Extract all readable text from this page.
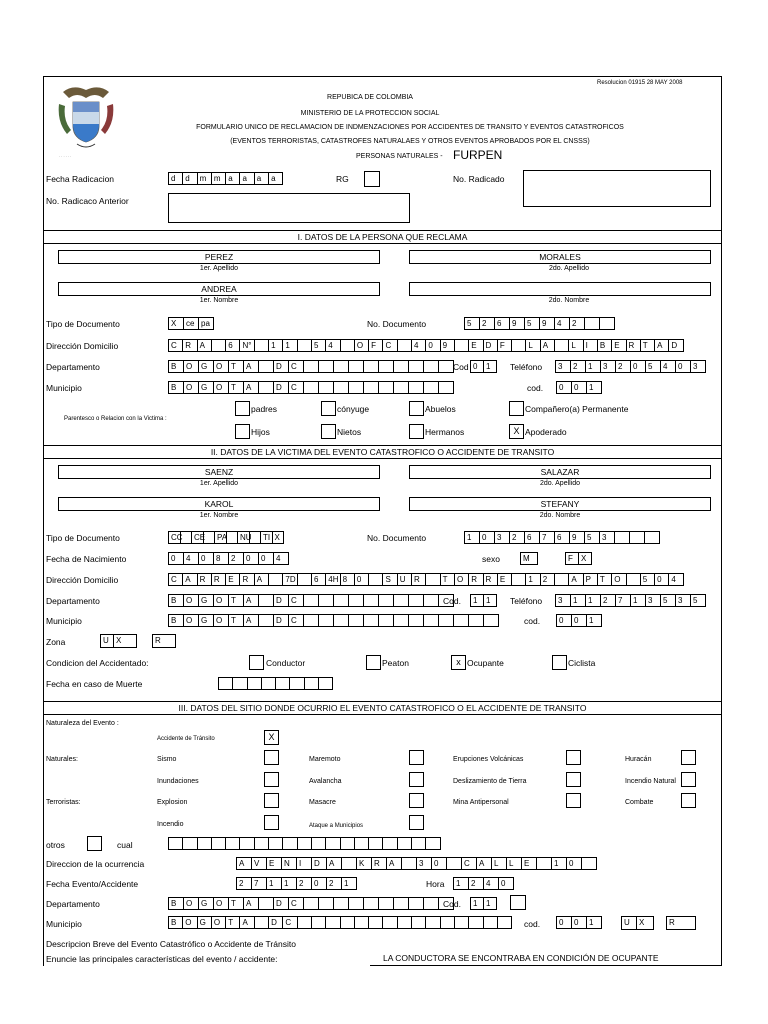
. . . . . .
Resolucion 01915 28 MAY 2008
REPUBICA DE COLOMBIA
MINISTERIO DE LA PROTECCION SOCIAL
FORMULARIO UNICO DE RECLAMACION DE INDMENZACIONES POR ACCIDENTES DE TRANSITO Y EVENTOS CATASTROFICOS
(EVENTOS TERRORISTAS, CATASTROFES NATURALAES Y OTROS EVENTOS APROBADOS POR EL CNSSS)
PERSONAS NATURALES - FURPEN
Fecha Radicacion	d	d	m m a	a	a	a	RG	No. Radicado
No. Radicaco Anterior
I. DATOS DE LA PERSONA QUE RECLAMA
PEREZ
1er. Apellido
MORALES
2do. Apellido
ANDREA
1er. Nombre	2do. Nombre
Tipo de Documento	X	ce pa	No. Documento	5	2	6	9	5	9	4	2
Dirección Domicilio	C	R	A	6	N°	1	1	5	4	O	F	C	4	0	9	E	D	F	L	A	L	I	B	E	R	T	A	D
Departamento	B	O	G	O	T	A	D	C	Cod 0	1	Teléfono	3	2	1	3	2	0	5	4	0	3
Municipio	B	O	G	O	T	A	D	C	cod.	0	0	1
Parentesco o Relacion con la Victima :
padres	cónyuge	Abuelos	Compañero(a) Permanente
Hijos	Nietos	Hermanos	X Apoderado
II. DATOS DE LA VICTIMA DEL EVENTO CATASTROFICO O ACCIDENTE DE TRANSITO
SAENZ
1er. Apellido
SALAZAR
2do. Apellido
KAROL
1er. Nombre
STEFANY
2do. Nombre
Tipo de Documento	CC	CE	PA	NU	TI X	No. Documento	1	0	3	2	6	7	6	9	5	3
Fecha de Nacimiento	0	4	0	8	2	0	0	4	sexo	M	F	X
Dirección Domicilio	C	A	R	R	E	R	A	7D	6	4H 8	0	S	U	R	T	O	R	R	E	1	2	A	P	T	O	5	0	4
Departamento	B	O	G	O	T	A	D	C	Cod.	1	1	Teléfono	3	1	1	2	7	1	3	5	3	5
Municipio	B	O	G	O	T	A	D	C	cod.	0	0	1
Zona	U X	R
Condicion del Accidentado:	Conductor	Peaton	x Ocupante	Ciclista
Fecha en caso de Muerte
III. DATOS DEL SITIO DONDE OCURRIO EL EVENTO CATASTROFICO O EL ACCIDENTE DE TRANSITO
Naturaleza del Evento :
Accidente de Tránsito	X
Naturales:	Sismo	Maremoto	Erupciones Volcánicas	Huracán
Inundaciones	Avalancha	Deslizamiento de Tierra	Incendio Natural
Terroristas:	Explosion	Masacre	Mina Antipersonal	Combate
Incendio	Ataque a Municipios
otros	cual
Direccion de la ocurrencia	A	V	E	N	I	D	A	K	R	A	3	0	C	A	L	L	E	1	0
Fecha Evento/Accidente	2	7	1	1	2	0	2	1	Hora	1	2	4	0
Departamento	B	O	G	O	T	A	D	C	Cod.	1	1
Municipio	B	O	G	O	T	A	D	C	cod.	0	0	1	U	X	R
Descripcion Breve del Evento Catastrófico o Accidente de Tránsito
Enuncie las principales características del evento / accidente:	LA CONDUCTORA SE ENCONTRABA EN CONDICIÓN DE OCUPANTE
